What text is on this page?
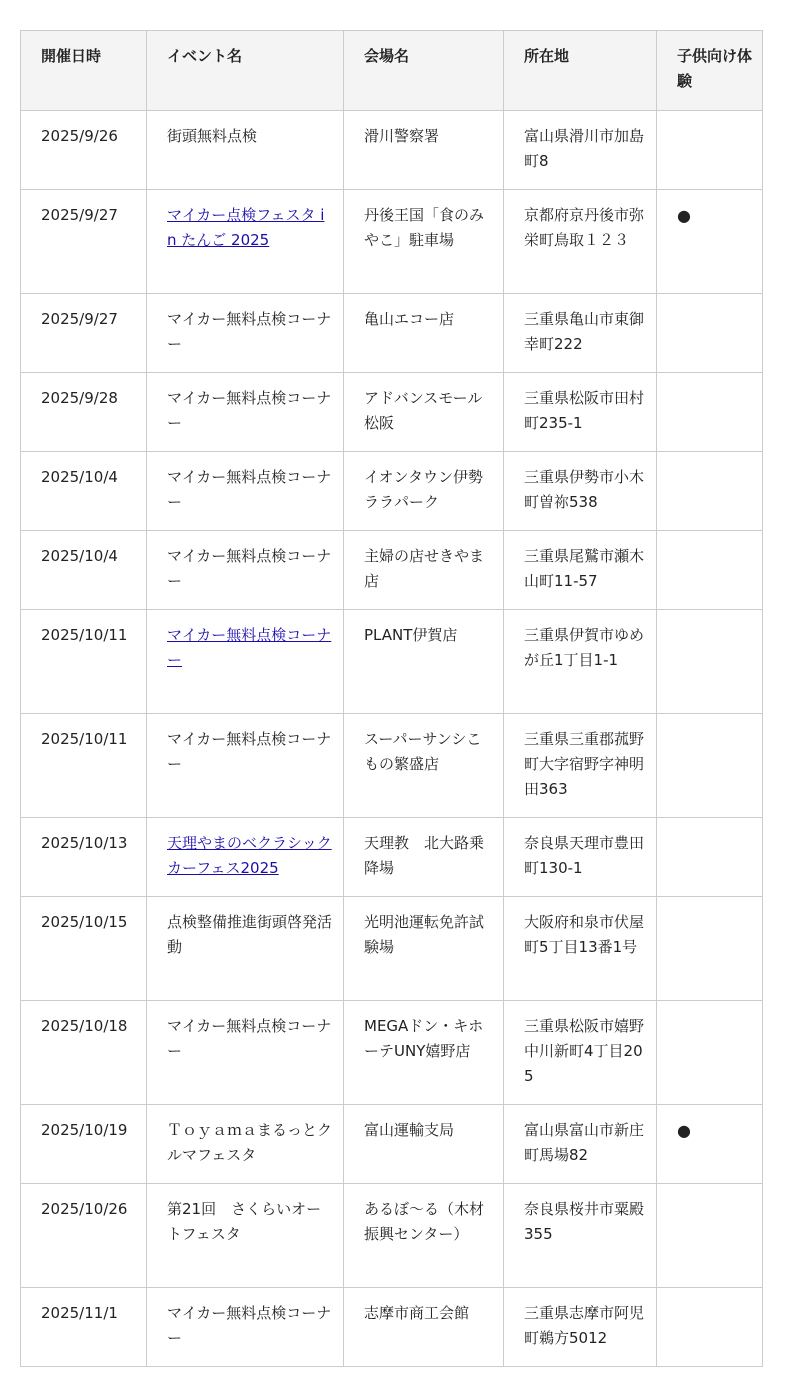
開催日時	イベント名	会場名	所在地	子供向け体験
2025/9/26	街頭無料点検	滑川警察署	富山県滑川市加島町8	
2025/9/27	マイカー点検フェスタ in たんご 2025	丹後王国「食のみやこ」駐車場	京都府京丹後市弥栄町鳥取１２３	●
2025/9/27	マイカー無料点検コーナー	亀山エコー店	三重県亀山市東御幸町222	
2025/9/28	マイカー無料点検コーナー	アドバンスモール松阪	三重県松阪市田村町235-1	
2025/10/4	マイカー無料点検コーナー	イオンタウン伊勢ララパーク	三重県伊勢市小木町曽祢538	
2025/10/4	マイカー無料点検コーナー	主婦の店せきやま店	三重県尾鷲市瀬木山町11-57	
2025/10/11	マイカー無料点検コーナー	PLANT伊賀店	三重県伊賀市ゆめが丘1丁目1-1	
2025/10/11	マイカー無料点検コーナー	スーパーサンシこもの繁盛店	三重県三重郡菰野町大字宿野字神明田363	
2025/10/13	天理やまのベクラシックカーフェス2025	天理教　北大路乗降場	奈良県天理市豊田町130-1	
2025/10/15	点検整備推進街頭啓発活動	光明池運転免許試験場	大阪府和泉市伏屋町5丁目13番1号	
2025/10/18	マイカー無料点検コーナー	MEGAドン・キホーテUNY嬉野店	三重県松阪市嬉野中川新町4丁目205	
2025/10/19	Ｔｏｙａｍａまるっとクルマフェスタ	富山運輸支局	富山県富山市新庄町馬場82	●
2025/10/26	第21回　さくらいオートフェスタ	あるぼ〜る（木材振興センター）	奈良県桜井市粟殿355	
2025/11/1	マイカー無料点検コーナー	志摩市商工会館	三重県志摩市阿児町鵜方5012	
